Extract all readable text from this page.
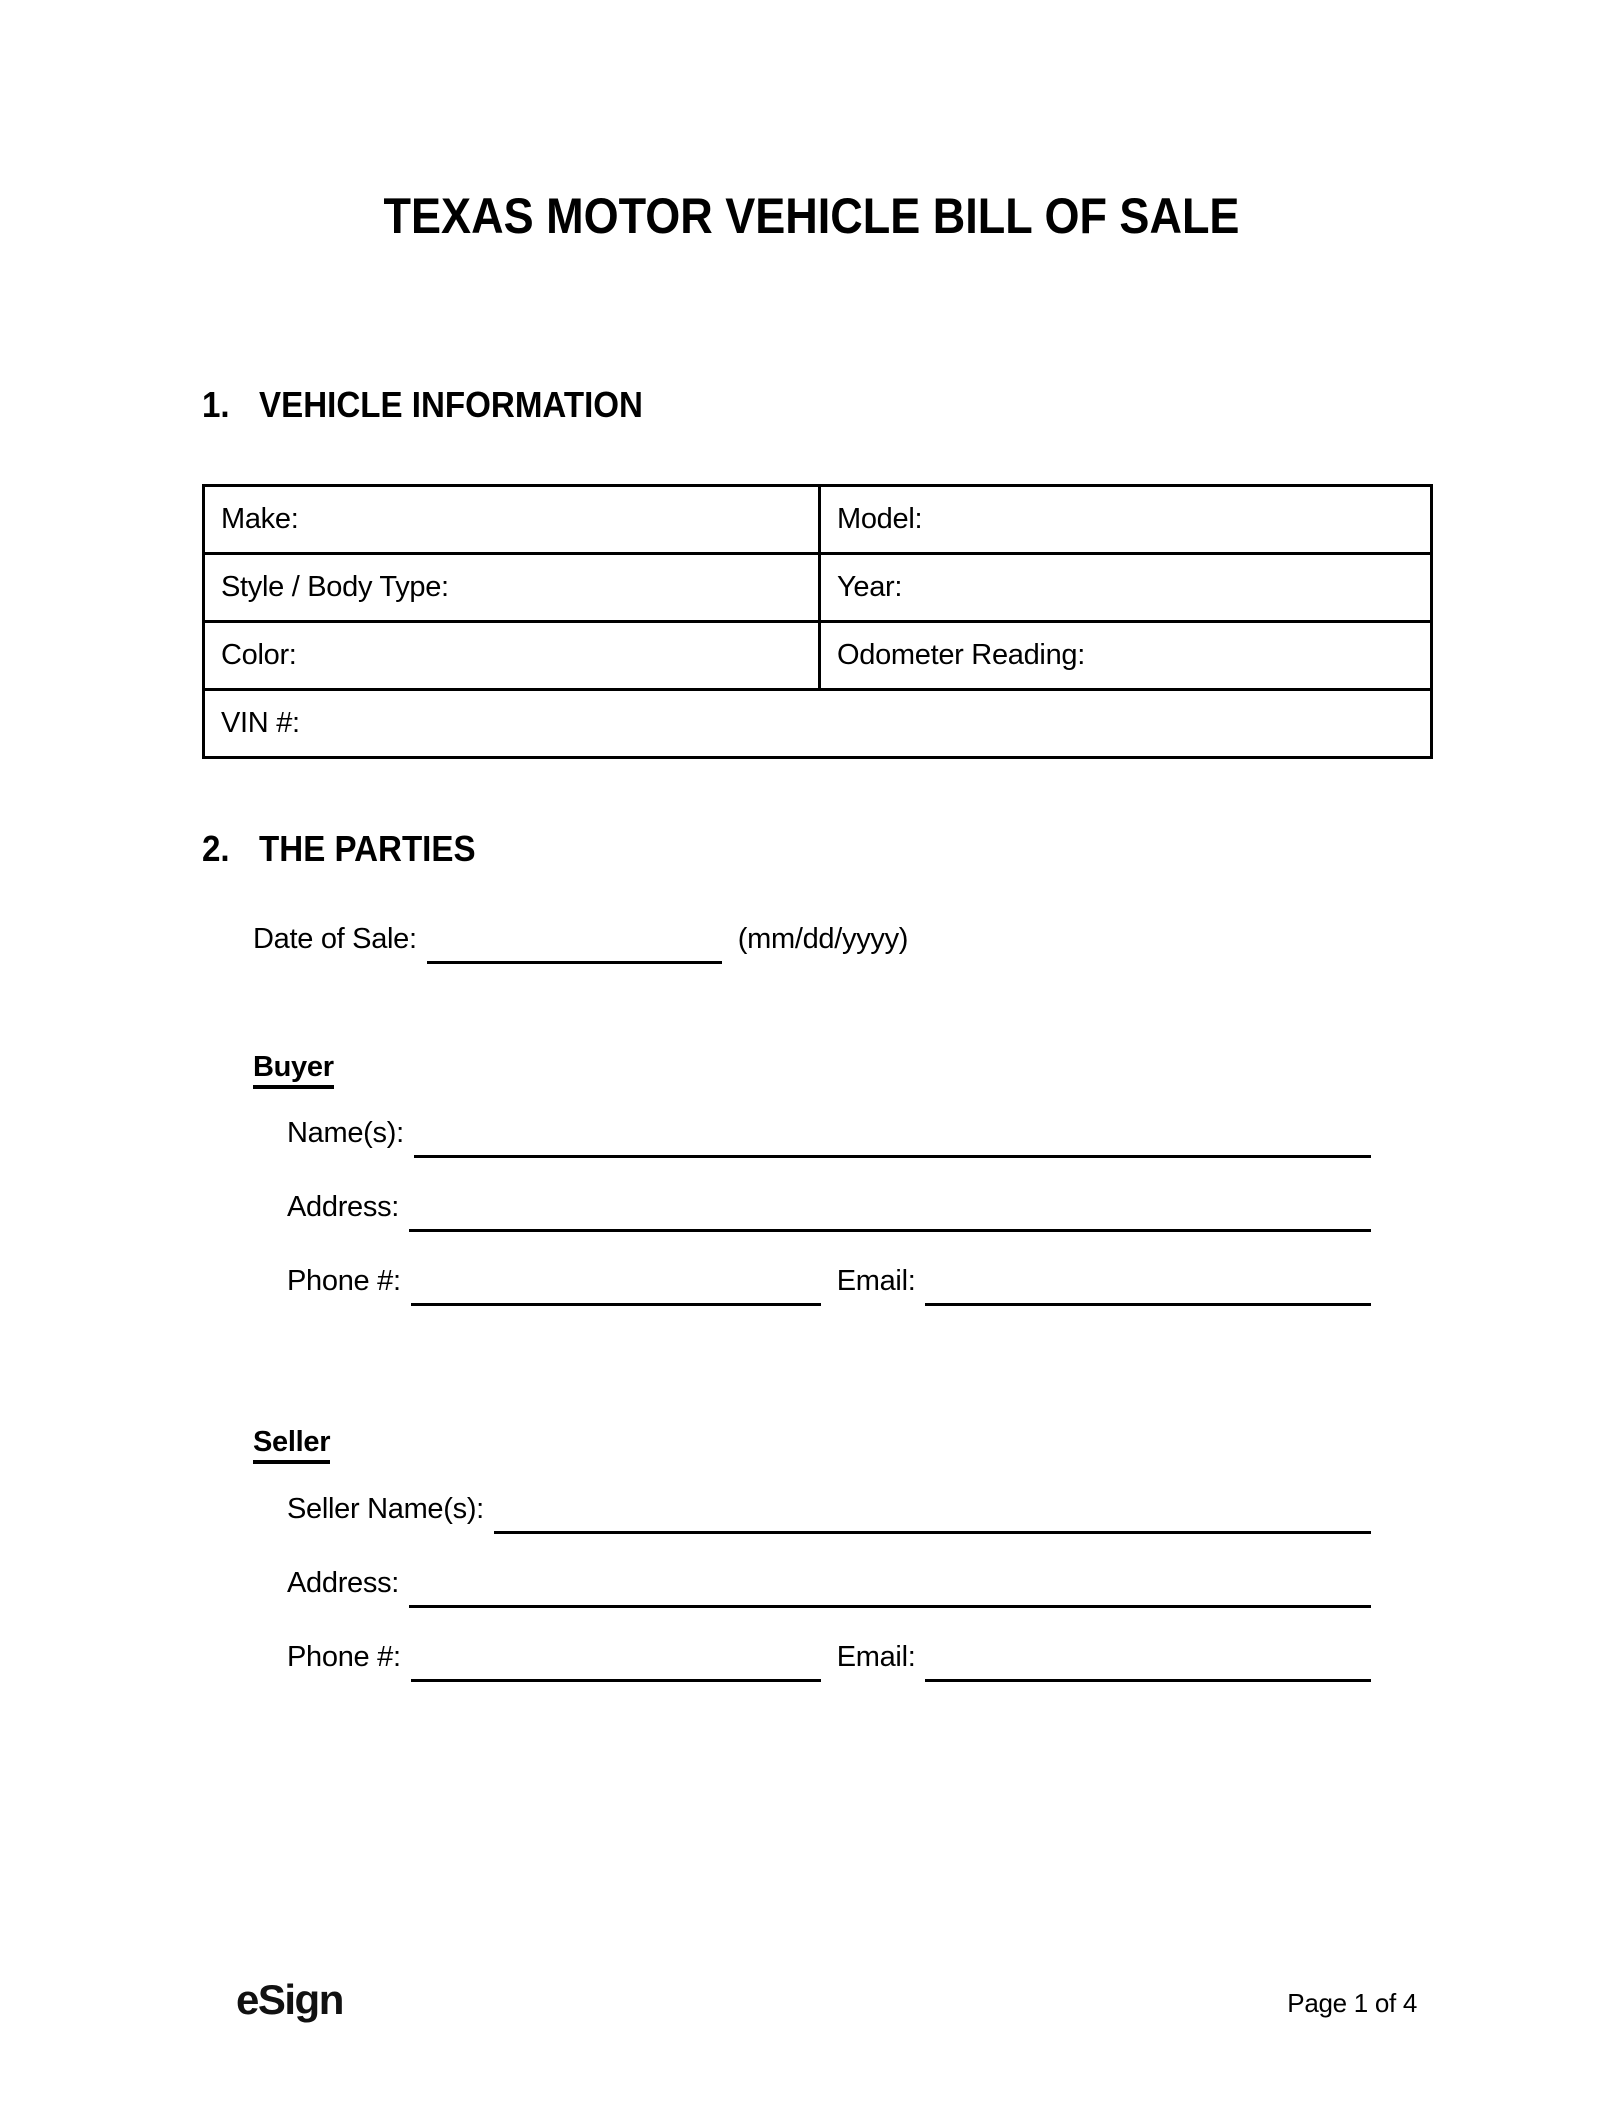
TEXAS MOTOR VEHICLE BILL OF SALE
1. VEHICLE INFORMATION
Make:	Model:
Style / Body Type:	Year:
Color:	Odometer Reading:
VIN #:	
2. THE PARTIES
Date of Sale:	(mm/dd/yyyy)
Buyer
Name(s):
Address:
Phone #:	Email:
Seller
Seller Name(s):
Address:
Phone #:	Email:
eSign	Page 1 of 4
